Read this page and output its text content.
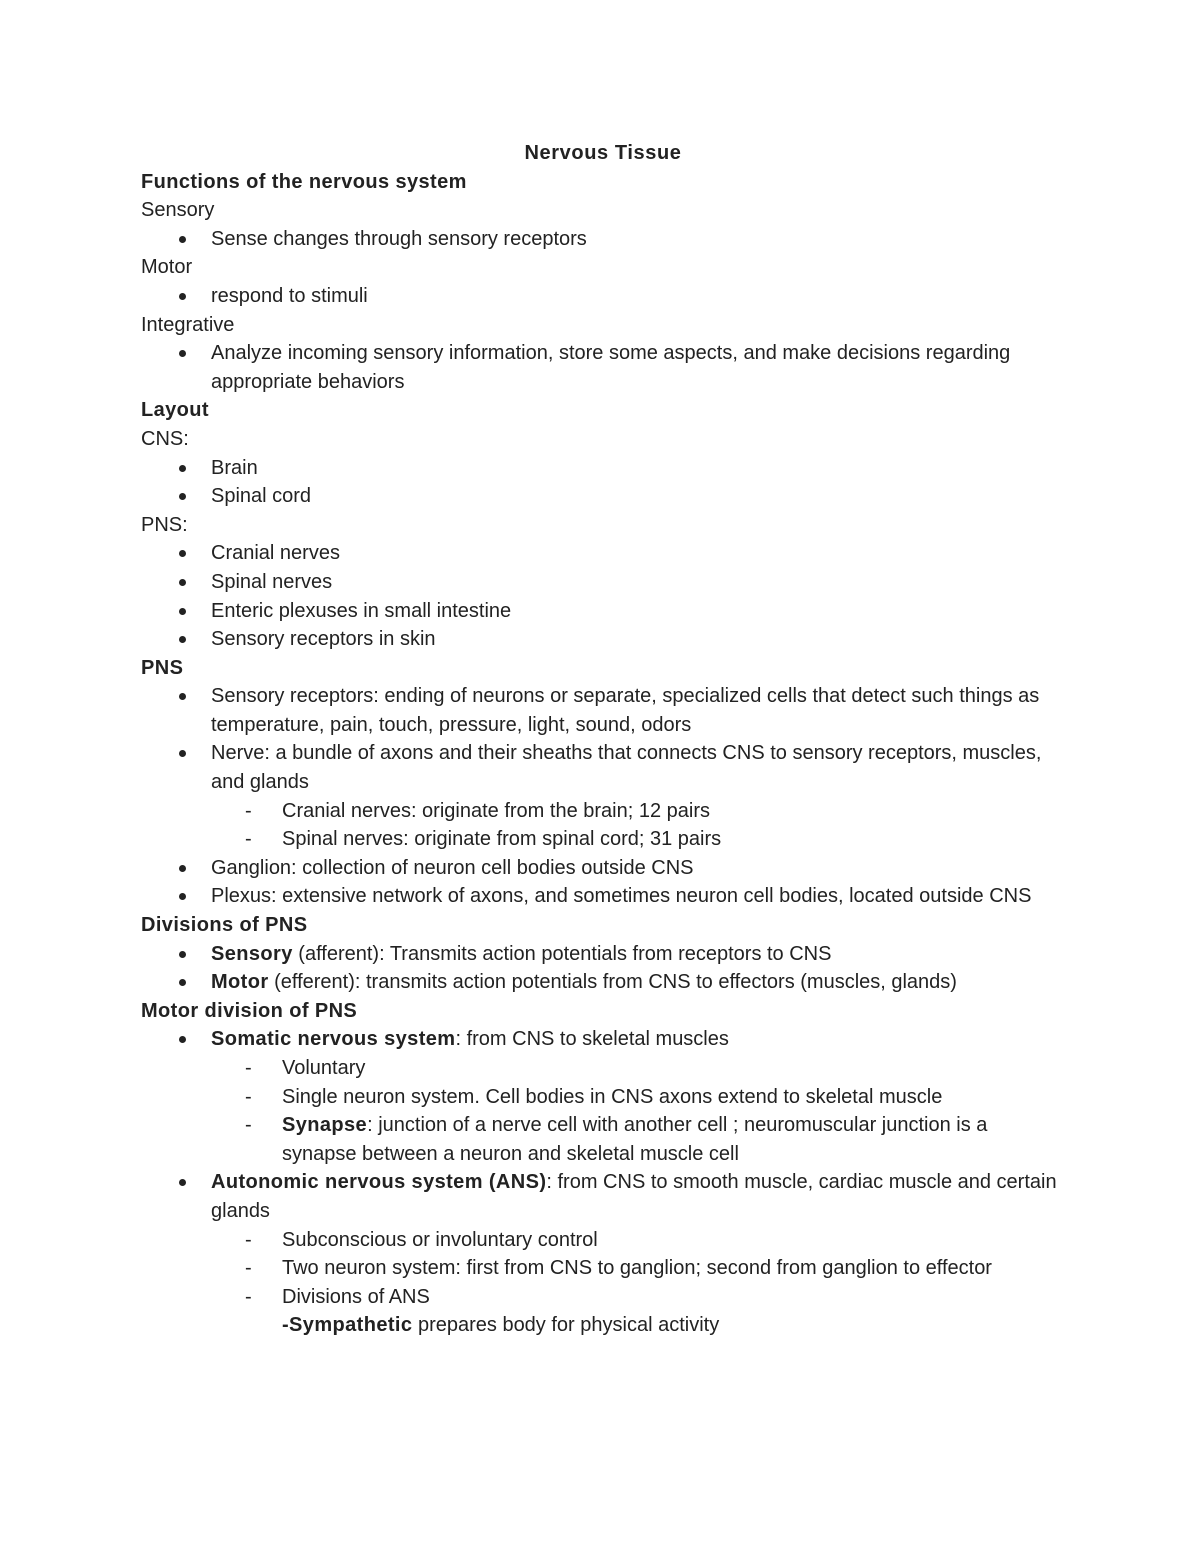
Nervous Tissue
Functions of the nervous system
Sensory
Sense changes through sensory receptors
Motor
respond to stimuli
Integrative
Analyze incoming sensory information, store some aspects, and make decisions regarding appropriate behaviors
Layout
CNS:
Brain
Spinal cord
PNS:
Cranial nerves
Spinal nerves
Enteric plexuses in small intestine
Sensory receptors in skin
PNS
Sensory receptors: ending of neurons or separate, specialized cells that detect such things as temperature, pain, touch, pressure, light, sound, odors
Nerve: a bundle of axons and their sheaths that connects CNS to sensory receptors, muscles, and glands
- Cranial nerves: originate from the brain; 12 pairs
- Spinal nerves: originate from spinal cord; 31 pairs
Ganglion: collection of neuron cell bodies outside CNS
Plexus: extensive network of axons, and sometimes neuron cell bodies, located outside CNS
Divisions of PNS
Sensory (afferent): Transmits action potentials from receptors to CNS
Motor (efferent): transmits action potentials from CNS to effectors (muscles, glands)
Motor division of PNS
Somatic nervous system: from CNS to skeletal muscles
- Voluntary
- Single neuron system. Cell bodies in CNS axons extend to skeletal muscle
- Synapse: junction of a nerve cell with another cell ; neuromuscular junction is a synapse between a neuron and skeletal muscle cell
Autonomic nervous system (ANS): from CNS to smooth muscle, cardiac muscle and certain glands
- Subconscious or involuntary control
- Two neuron system: first from CNS to ganglion; second from ganglion to effector
- Divisions of ANS
-Sympathetic prepares body for physical activity
